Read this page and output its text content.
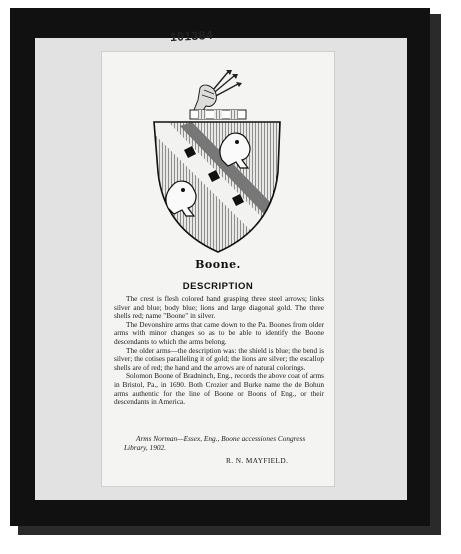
101384
Boone.
DESCRIPTION

The crest is flesh colored hand grasping three steel arrows; links silver and blue; body blue; lions and large diagonal gold. The three shells red; name "Boone" in silver.

The Devonshire arms that came down to the Pa. Boones from older arms with minor changes so as to be able to identify the Boone descendants to which the arms belong.

The older arms—the description was: the shield is blue; the bend is silver; the cotises paralleling it of gold; the lions are silver; the escallop shells are of red; the hand and the arrows are of natural colorings.

Solomon Boone of Bradninch, Eng., records the above coat of arms in Bristol, Pa., in 1690. Both Crozier and Burke name the de Bohun arms authentic for the line of Boone or Boons of Eng., or their descendants in America.

Arms Norman—Essex, Eng., Boone accessiones Congress Library, 1902.
R. N. MAYFIELD.
